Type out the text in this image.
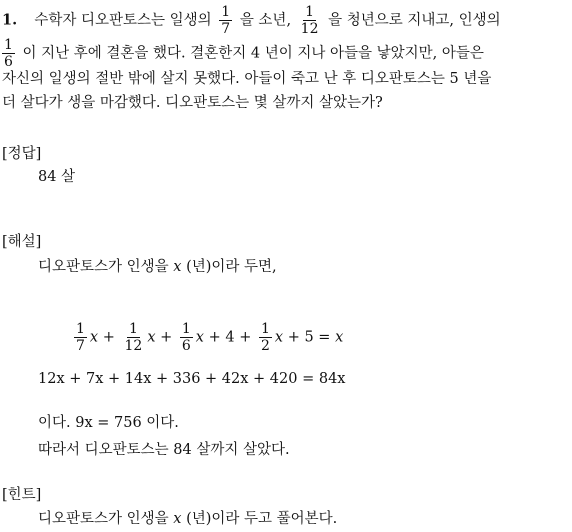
1. 수학자 디오판토스는 일생의 $\frac{1}{7}$ 을 소년, $\frac{1}{12}$ 을 청년으로 지내고, 인생의
$\frac{1}{6}$ 이 지난 후에 결혼을 했다. 결혼한지 4 년이 지나 아들을 낳았지만, 아들은
자신의 일생의 절반 밖에 살지 못했다. 아들이 죽고 난 후 디오판토스는 5 년을
더 살다가 생을 마감했다. 디오판토스는 몇 살까지 살았는가?
[정답]
84 살
[해설]
디오판토스가 인생을 x (년)이라 두면,
$\frac{1}{7}$ $x + \frac{1}{12}$ $x + \frac{1}{6}$ $x + 4 + \frac{1}{2}$ x + 5 = x
12x + 7x + 14x + 336 + 42x + 420 = 84x
이다. 9x = 756 이다.
따라서 디오판토스는 84 살까지 살았다.
[힌트]
디오판토스가 인생을 x (년)이라 두고 풀어본다.
